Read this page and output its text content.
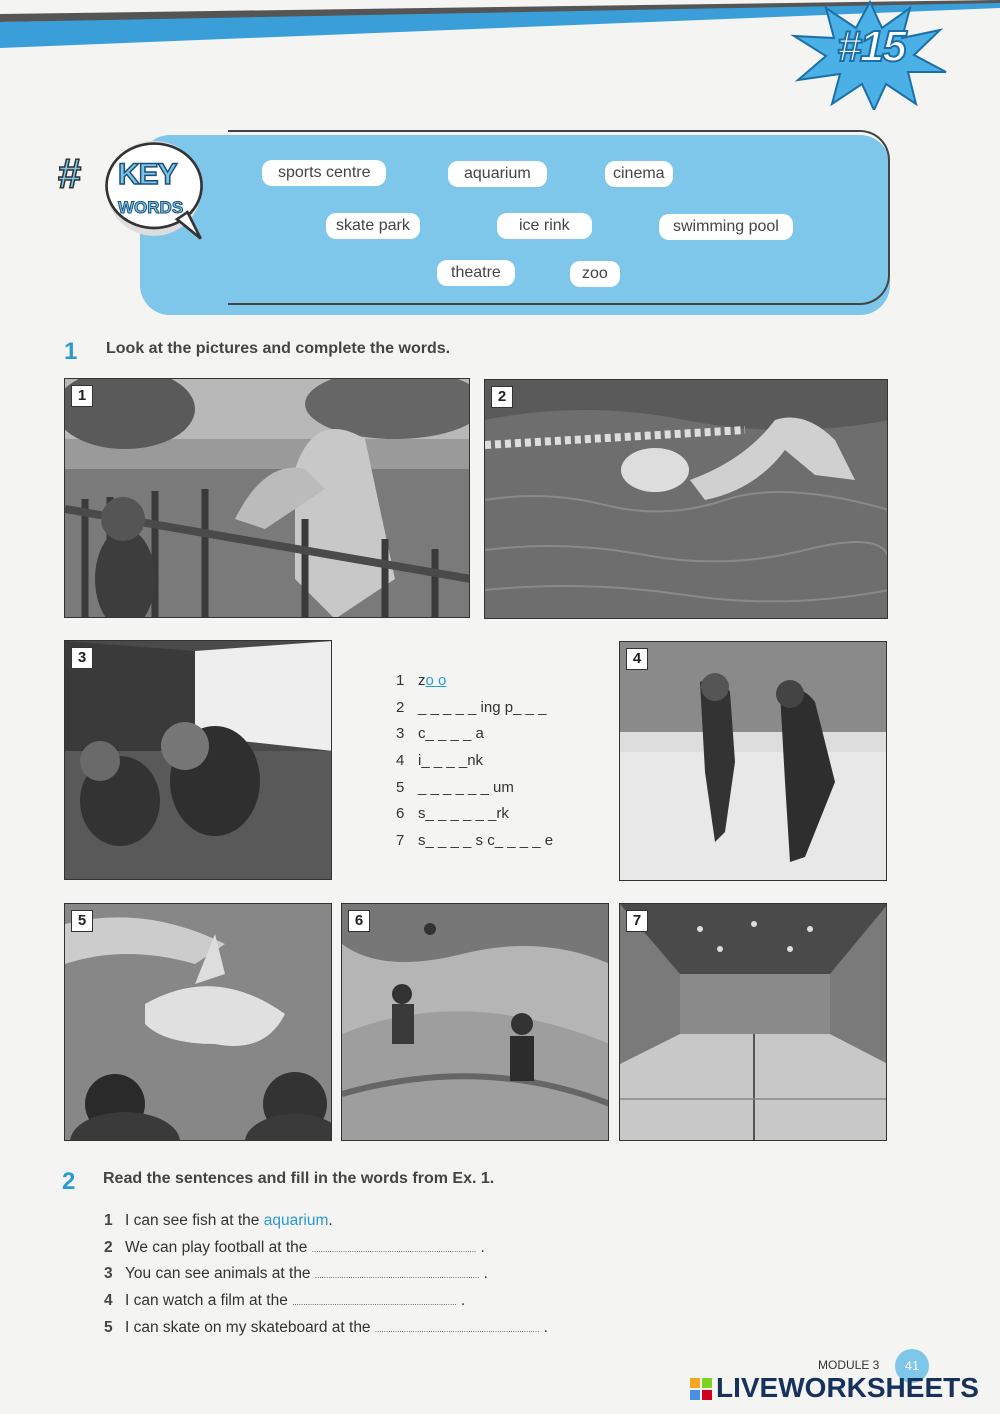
#15
# KEY
WORDS
sports centre	aquarium	cinema
skate park	ice rink	swimming pool
theatre	zoo
1 Look at the pictures and complete the words.
1	2
3
1 zo o
2 _ _ _ _ _ ing p_ _ _
3 c_ _ _ _ a
4 i_ _ _ _nk
5 _ _ _ _ _ _ um
6 s_ _ _ _ _ _rk
7 s_ _ _ _ s c_ _ _ _ e
4
5	6	7
2 Read the sentences and fill in the words from Ex. 1.
1 I can see fish at the aquarium.
2 We can play football at the .......................................................................... .
3 You can see animals at the .......................................................................... .
4 I can watch a film at the .......................................................................... .
5 I can skate on my skateboard at the .......................................................................... .
MODULE 3	41
LIVEWORKSHEETS
